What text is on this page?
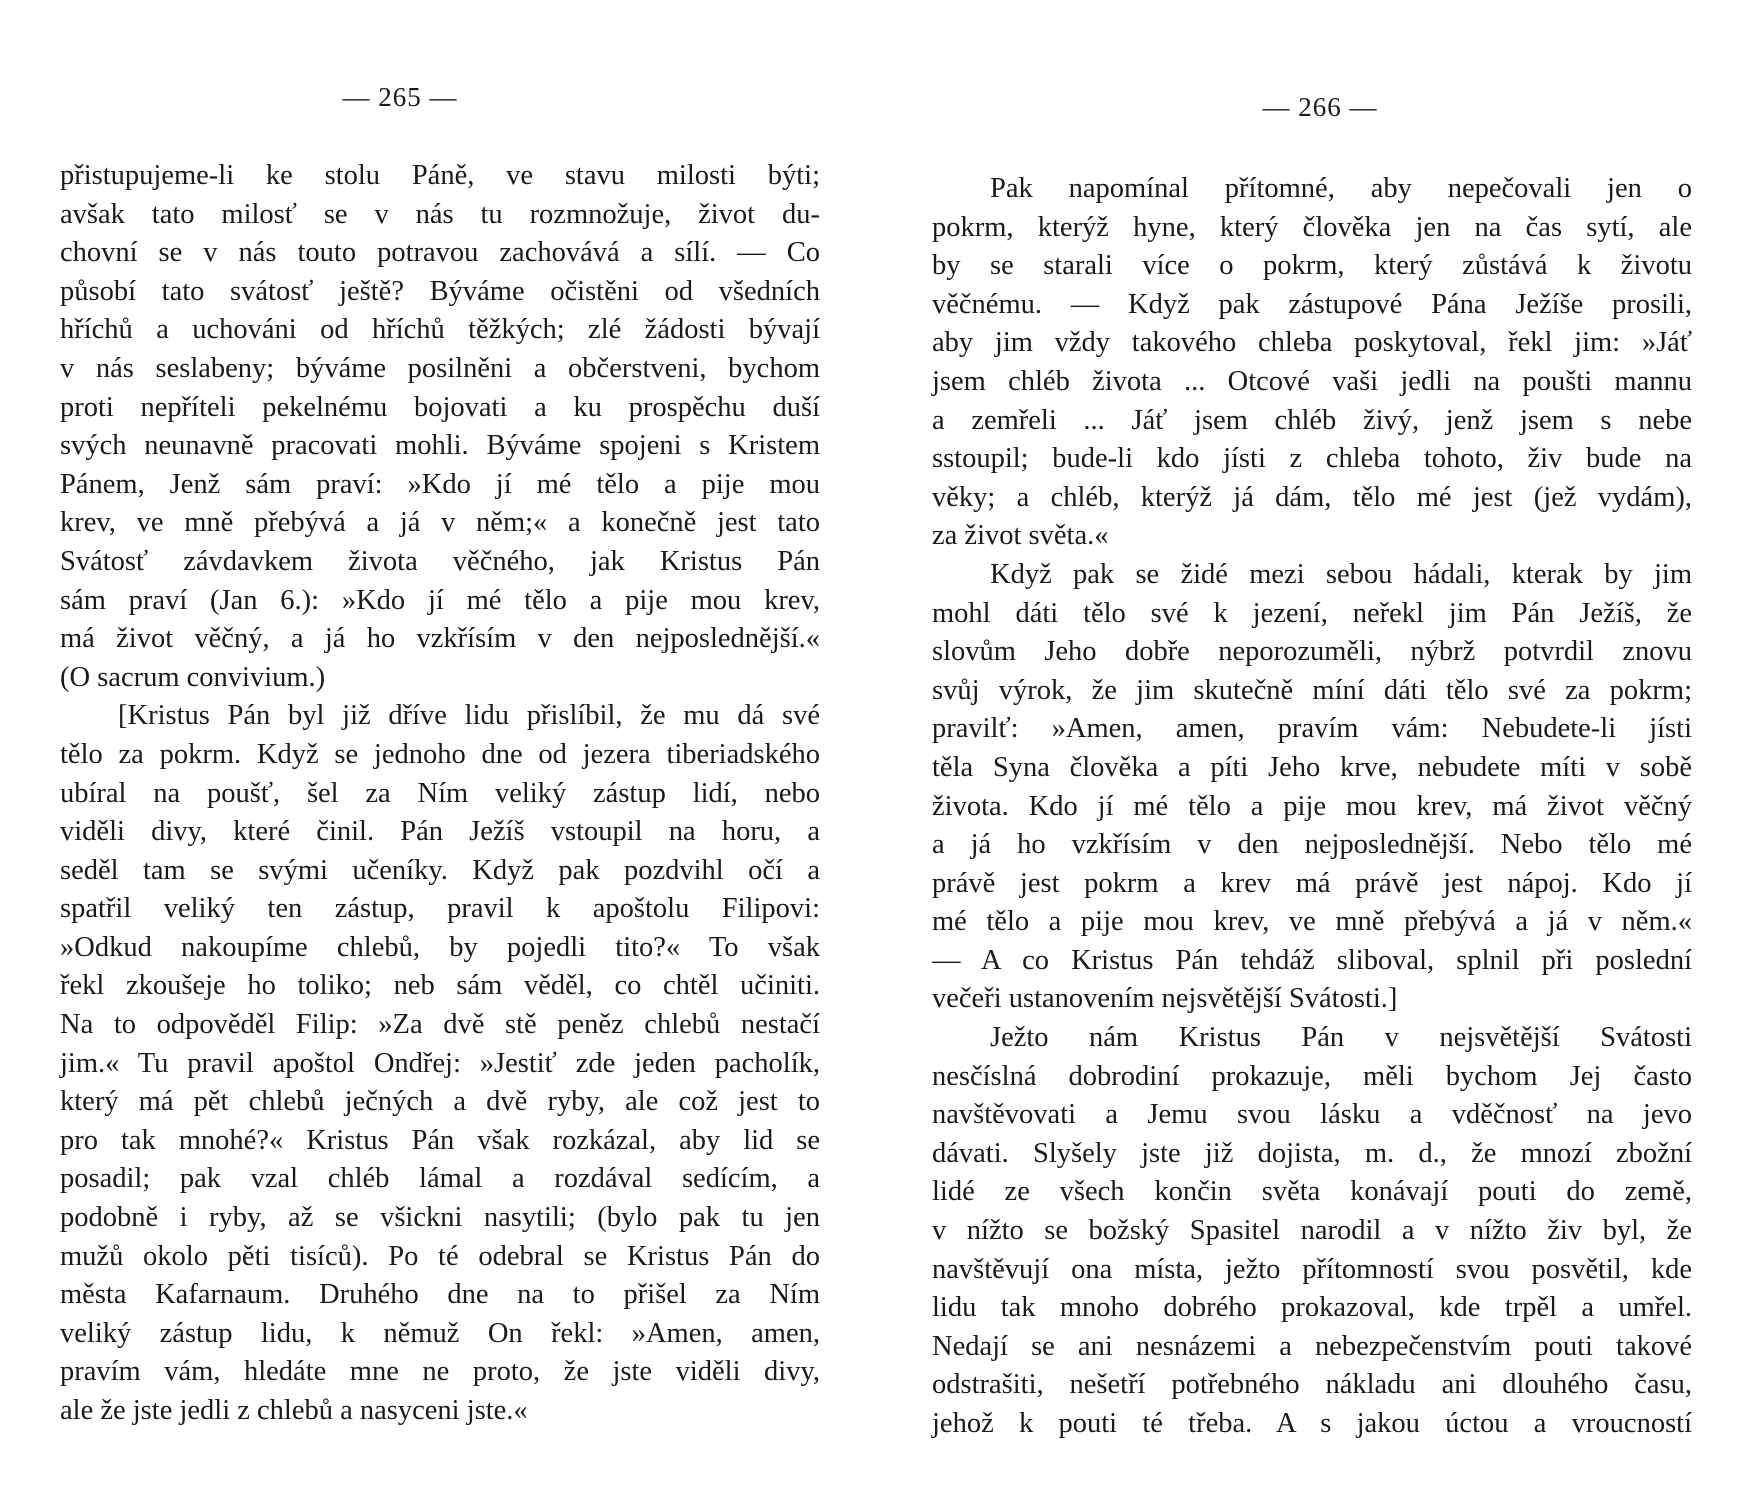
— 265 —
přistupujeme-li ke stolu Páně, ve stavu milosti býti;
avšak tato milosť se v nás tu rozmnožuje, život du-
chovní se v nás touto potravou zachovává a sílí. — Co
působí tato svátosť ještě? Býváme očistěni od všedních
hříchů a uchováni od hříchů těžkých; zlé žádosti bývají
v nás seslabeny; býváme posilněni a občerstveni, bychom
proti nepříteli pekelnému bojovati a ku prospěchu duší
svých neunavně pracovati mohli. Býváme spojeni s Kristem
Pánem, Jenž sám praví: »Kdo jí mé tělo a pije mou
krev, ve mně přebývá a já v něm;« a konečně jest tato
Svátosť závdavkem života věčného, jak Kristus Pán
sám praví (Jan 6.): »Kdo jí mé tělo a pije mou krev,
má život věčný, a já ho vzkřísím v den nejposlednější.«
(O sacrum convivium.)
[Kristus Pán byl již dříve lidu přislíbil, že mu dá své
tělo za pokrm. Když se jednoho dne od jezera tiberiadského
ubíral na poušť, šel za Ním veliký zástup lidí, nebo
viděli divy, které činil. Pán Ježíš vstoupil na horu, a
seděl tam se svými učeníky. Když pak pozdvihl očí a
spatřil veliký ten zástup, pravil k apoštolu Filipovi:
»Odkud nakoupíme chlebů, by pojedli tito?« To však
řekl zkoušeje ho toliko; neb sám věděl, co chtěl učiniti.
Na to odpověděl Filip: »Za dvě stě peněz chlebů nestačí
jim.« Tu pravil apoštol Ondřej: »Jestiť zde jeden pacholík,
který má pět chlebů ječných a dvě ryby, ale což jest to
pro tak mnohé?« Kristus Pán však rozkázal, aby lid se
posadil; pak vzal chléb lámal a rozdával sedícím, a
podobně i ryby, až se všickni nasytili; (bylo pak tu jen
mužů okolo pěti tisíců). Po té odebral se Kristus Pán do
města Kafarnaum. Druhého dne na to přišel za Ním
veliký zástup lidu, k němuž On řekl: »Amen, amen,
pravím vám, hledáte mne ne proto, že jste viděli divy,
ale že jste jedli z chlebů a nasyceni jste.«
— 266 —
Pak napomínal přítomné, aby nepečovali jen o
pokrm, kterýž hyne, který člověka jen na čas sytí, ale
by se starali více o pokrm, který zůstává k životu
věčnému. — Když pak zástupové Pána Ježíše prosili,
aby jim vždy takového chleba poskytoval, řekl jim: »Jáť
jsem chléb života ... Otcové vaši jedli na poušti mannu
a zemřeli ... Jáť jsem chléb živý, jenž jsem s nebe
sstoupil; bude-li kdo jísti z chleba tohoto, živ bude na
věky; a chléb, kterýž já dám, tělo mé jest (jež vydám),
za život světa.«
Když pak se židé mezi sebou hádali, kterak by jim
mohl dáti tělo své k jezení, neřekl jim Pán Ježíš, že
slovům Jeho dobře neporozuměli, nýbrž potvrdil znovu
svůj výrok, že jim skutečně míní dáti tělo své za pokrm;
pravilť: »Amen, amen, pravím vám: Nebudete-li jísti
těla Syna člověka a píti Jeho krve, nebudete míti v sobě
života. Kdo jí mé tělo a pije mou krev, má život věčný
a já ho vzkřísím v den nejposlednější. Nebo tělo mé
právě jest pokrm a krev má právě jest nápoj. Kdo jí
mé tělo a pije mou krev, ve mně přebývá a já v něm.«
— A co Kristus Pán tehdáž sliboval, splnil při poslední
večeři ustanovením nejsvětější Svátosti.]
Ježto nám Kristus Pán v nejsvětější Svátosti
nesčíslná dobrodiní prokazuje, měli bychom Jej často
navštěvovati a Jemu svou lásku a vděčnosť na jevo
dávati. Slyšely jste již dojista, m. d., že mnozí zbožní
lidé ze všech končin světa konávají pouti do země,
v nížto se božský Spasitel narodil a v nížto živ byl, že
navštěvují ona místa, ježto přítomností svou posvětil, kde
lidu tak mnoho dobrého prokazoval, kde trpěl a umřel.
Nedají se ani nesnázemi a nebezpečenstvím pouti takové
odstrašiti, nešetří potřebného nákladu ani dlouhého času,
jehož k pouti té třeba. A s jakou úctou a vroucností
